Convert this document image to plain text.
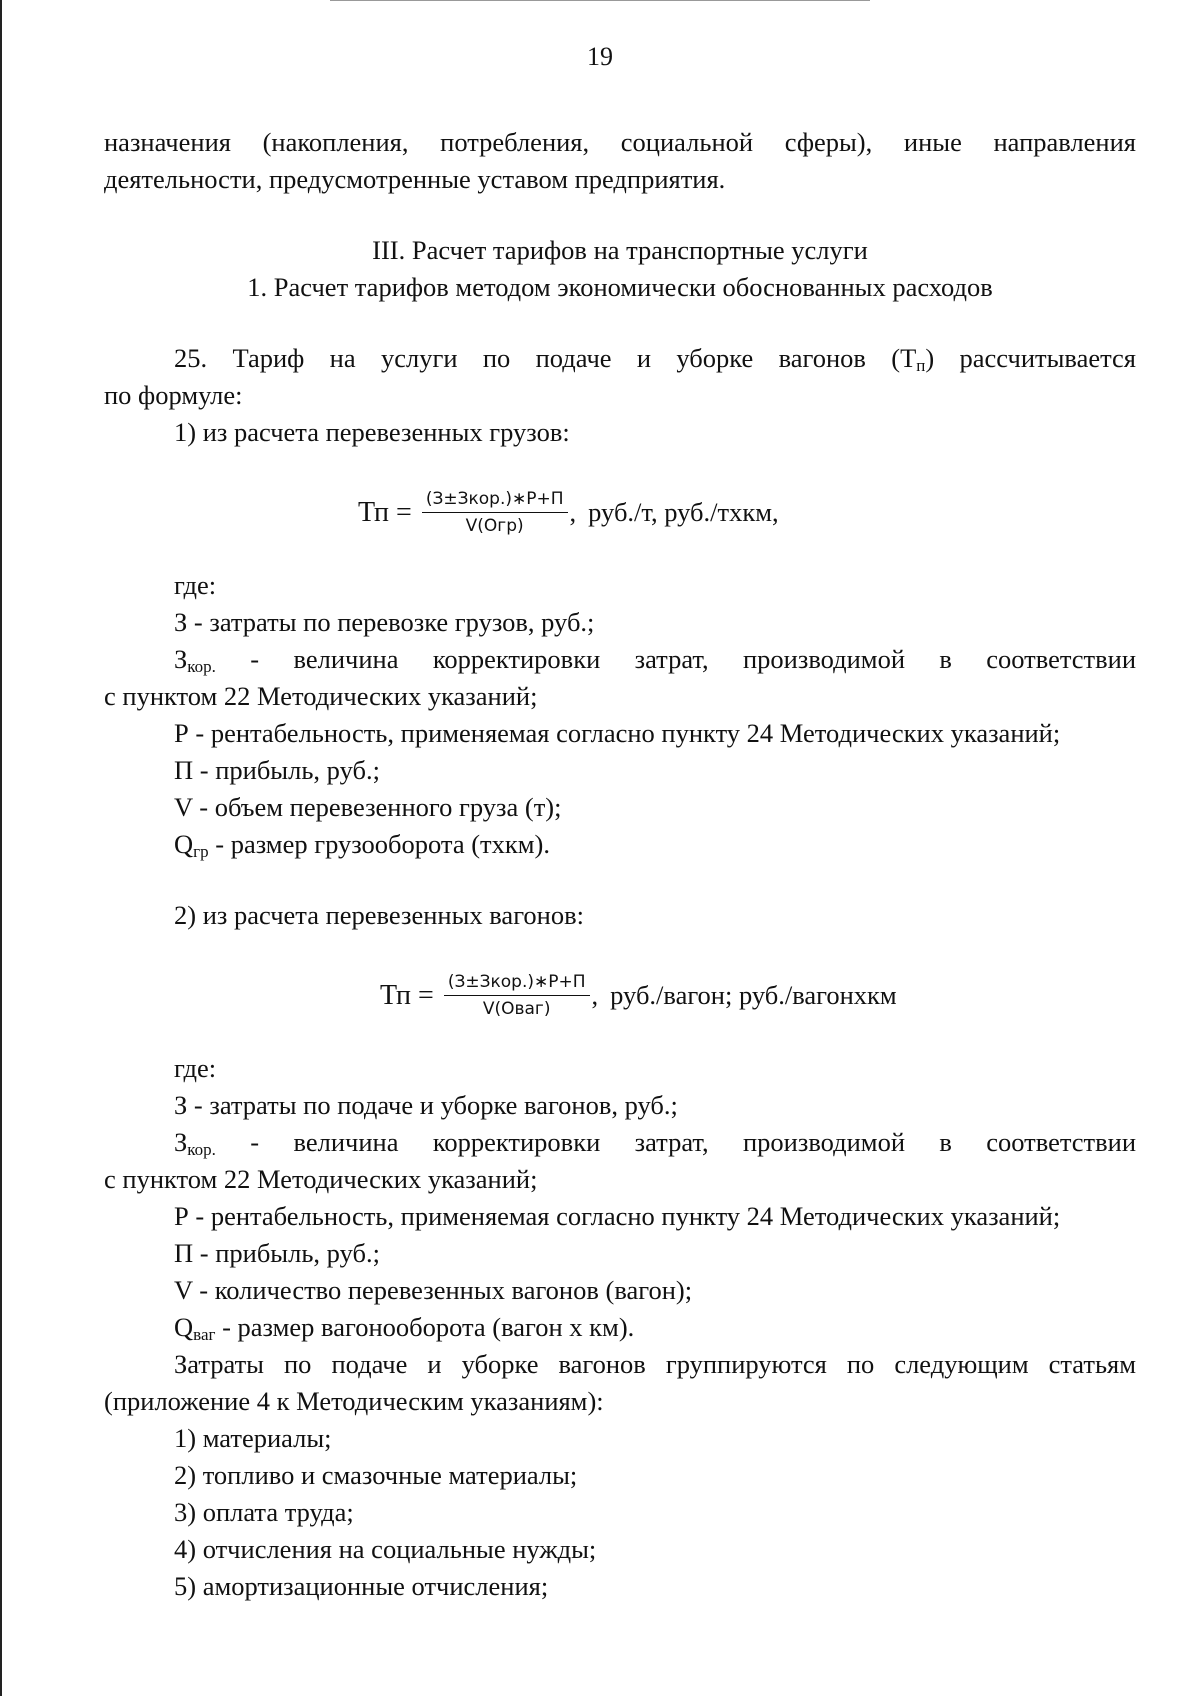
19

назначения (накопления, потребления, социальной сферы), иные направления

деятельности, предусмотренные уставом предприятия.

III. Расчет тарифов на транспортные услуги

1. Расчет тарифов методом экономически обоснованных расходов

25. Тариф на услуги по подаче и уборке вагонов $(Т_п)$ рассчитывается

по формуле:

1) из расчета перевезенных грузов:

Тп = $\frac{\text{(З±Зкор.)∗Р+П}}{\text{V(Огр)}}$ , руб./т, руб./тхкм,

где:

З - затраты по перевозке грузов, руб.;

$З_{кор.}$ - величина корректировки затрат, производимой в соответствии

с пунктом 22 Методических указаний;

Р - рентабельность, применяемая согласно пункту 24 Методических указаний;

П - прибыль, руб.;

V - объем перевезенного груза (т);

$Q_{гр}$ - размер грузооборота (тхкм).

2) из расчета перевезенных вагонов:

Тп = $\frac{\text{(З±Зкор.)∗Р+П}}{\text{V(Оваг)}}$ , руб./вагон; руб./вагонхкм

где:

З - затраты по подаче и уборке вагонов, руб.;

$З_{кор.}$ - величина корректировки затрат, производимой в соответствии

с пунктом 22 Методических указаний;

Р - рентабельность, применяемая согласно пункту 24 Методических указаний;

П - прибыль, руб.;

V - количество перевезенных вагонов (вагон);

$Q_{ваг}$ - размер вагонооборота (вагон х км).

Затраты по подаче и уборке вагонов группируются по следующим статьям

(приложение 4 к Методическим указаниям):

1) материалы;

2) топливо и смазочные материалы;

3) оплата труда;

4) отчисления на социальные нужды;

5) амортизационные отчисления;
